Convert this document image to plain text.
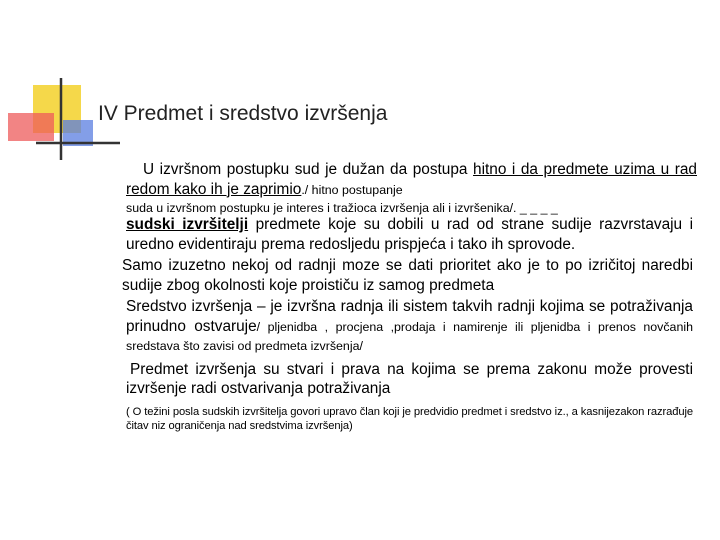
IV Predmet i sredstvo izvršenja

U izvršnom postupku sud je dužan da postupa hitno i da predmete uzima u rad redom kako ih je zaprimio./ hitno postupanje

suda u izvršnom postupku je interes i tražioca izvršenja ali i izvršenika/. _ _ _ _

sudski izvršitelji predmete koje su dobili u rad od strane sudije razvrstavaju i uredno evidentiraju prema redosljedu prispjeća i tako ih sprovode.

Samo izuzetno nekoj od radnji moze se dati prioritet ako je to po izričitoj naredbi sudije zbog okolnosti koje proističu iz samog predmeta

Sredstvo izvršenja – je izvršna radnja ili sistem takvih radnji kojima se potraživanja prinudno ostvaruje/ pljenidba , procjena ,prodaja i namirenje ili pljenidba i prenos novčanih sredstava što zavisi od predmeta izvršenja/

Predmet izvršenja su stvari i prava na kojima se prema zakonu može provesti izvršenje radi ostvarivanja potraživanja

( O težini posla sudskih izvršitelja govori upravo član koji je predvidio predmet i sredstvo iz., a kasnijezakon razrađuje čitav niz ograničenja nad sredstvima izvršenja)
